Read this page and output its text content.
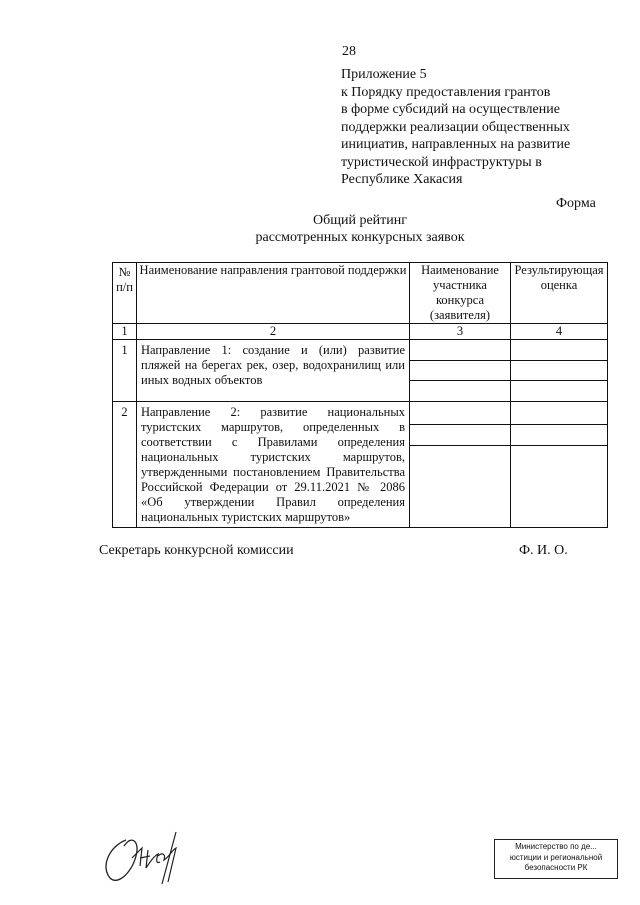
28
Приложение 5
к Порядку предоставления грантов
в форме субсидий на осуществление
поддержки реализации общественных
инициатив, направленных на развитие
туристической инфраструктуры в
Республике Хакасия
Форма
Общий рейтинг
рассмотренных конкурсных заявок
№ п/п	Наименование направления грантовой поддержки	Наименование участника конкурса (заявителя)	Результирующая оценка
1	2	3	4
1	Направление 1: создание и (или) развитие пляжей на берегах рек, озер, водохранилищ или иных водных объектов	

2	Направление 2: развитие национальных туристских маршрутов, определенных в соответствии с Правилами определения национальных туристских маршрутов, утвержденными постановлением Правительства Российской Федерации от 29.11.2021 № 2086 «Об утверждении Правил определения национальных туристских маршрутов»	

Секретарь конкурсной комиссии	Ф. И. О.
Министерство по де...
юстиции и региональной
безопасности РК
